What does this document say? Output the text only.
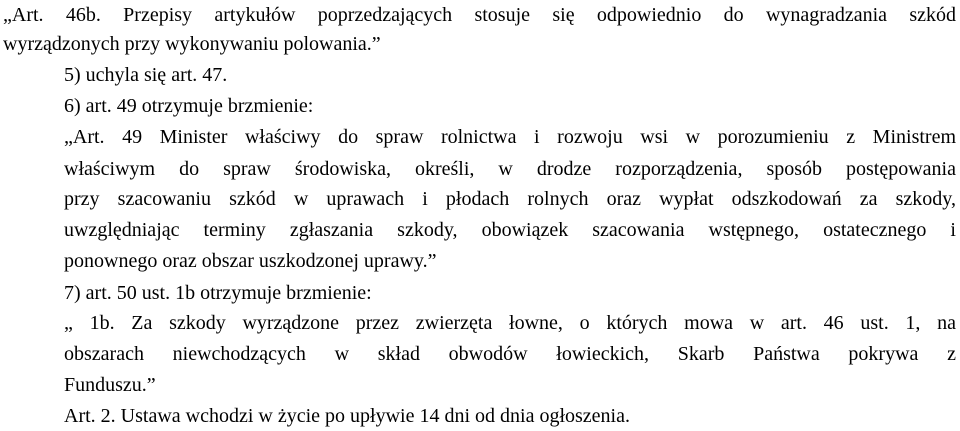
„Art. 46b. Przepisy artykułów poprzedzających stosuje się odpowiednio do wynagradzania szkód
wyrządzonych przy wykonywaniu polowania.”
5) uchyla się art. 47.
6) art. 49 otrzymuje brzmienie:
„Art. 49 Minister właściwy do spraw rolnictwa i rozwoju wsi w porozumieniu z Ministrem
właściwym do spraw środowiska, określi, w drodze rozporządzenia, sposób postępowania
przy szacowaniu szkód w uprawach i płodach rolnych oraz wypłat odszkodowań za szkody,
uwzględniając terminy zgłaszania szkody, obowiązek szacowania wstępnego, ostatecznego i
ponownego oraz obszar uszkodzonej uprawy.”
7) art. 50 ust. 1b otrzymuje brzmienie:
„ 1b. Za szkody wyrządzone przez zwierzęta łowne, o których mowa w art. 46 ust. 1, na
obszarach niewchodzących w skład obwodów łowieckich, Skarb Państwa pokrywa z
Funduszu.”
Art. 2. Ustawa wchodzi w życie po upływie 14 dni od dnia ogłoszenia.
